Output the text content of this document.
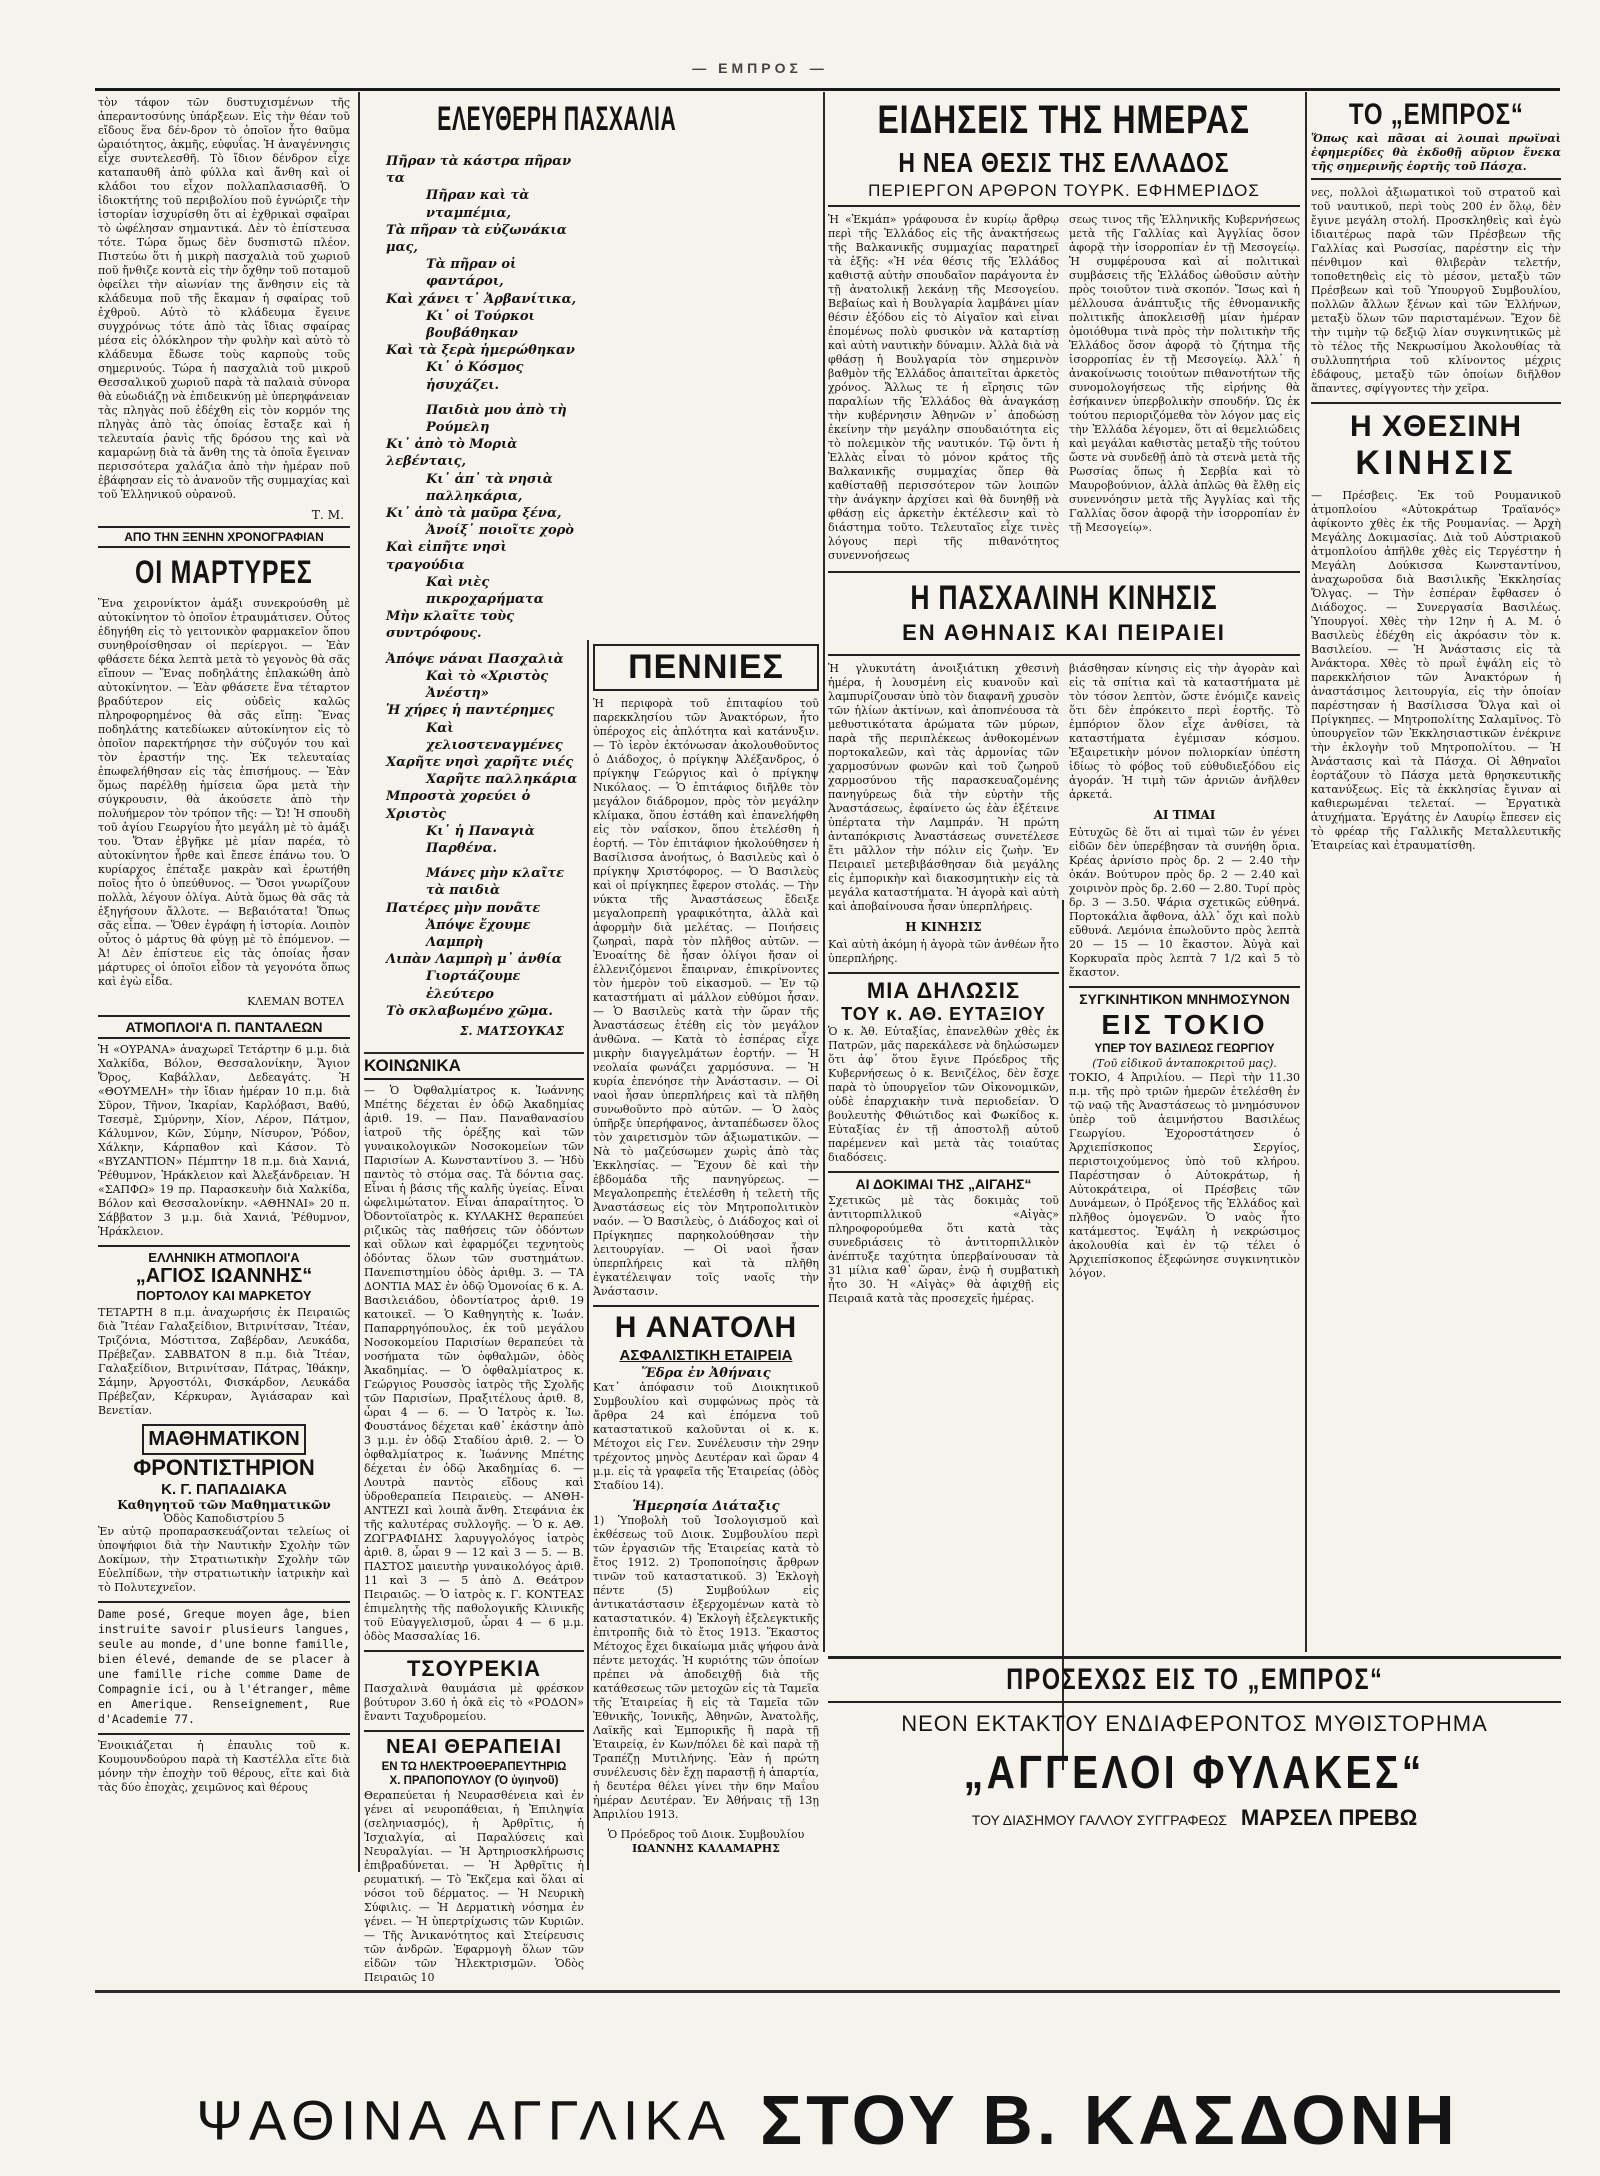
— ΕΜΠΡΟΣ —

τὸν τάφον τῶν δυστυχισμένων τῆς ἀπεραντοσύνης ὑπάρξεων. Εἰς τὴν θέαν τοῦ εἴδους ἕνα δέν-δρον τὸ ὁποῖον ἦτο θαῦμα ὡραιότητος, ἀκμῆς, εὐφυΐας. Ἡ ἀναγέννησις εἶχε συντελεσθῆ. Τὸ ἴδιον δένδρον εἶχε καταπαυθῆ ἀπὸ φύλλα καὶ ἄνθη καὶ οἱ κλάδοι του εἶχον πολλαπλασιασθῆ. Ὁ ἰδιοκτήτης τοῦ περιβολίου ποῦ ἐγνώριζε τὴν ἱστορίαν ἰσχυρίσθη ὅτι αἱ ἐχθρικαὶ σφαῖραι τὸ ὠφέλησαν σημαντικά. Δὲν τὸ ἐπίστευσα τότε. Τώρα ὅμως δὲν δυσπιστῶ πλέον. Πιστεύω ὅτι ἡ μικρὴ πασχαλιὰ τοῦ χωριοῦ ποῦ ἤνθιζε κοντὰ εἰς τὴν ὄχθην τοῦ ποταμοῦ ὀφείλει τὴν αἰωνίαν της ἄνθησιν εἰς τὰ κλάδευμα ποῦ τῆς ἔκαμαν ἡ σφαίρας τοῦ ἐχθροῦ. Αὐτὸ τὸ κλάδευμα ἔγεινε συγχρόνως τότε ἀπὸ τὰς ἴδιας σφαίρας μέσα εἰς ὁλόκληρον τὴν φυλὴν καὶ αὐτὸ τὸ κλάδευμα ἔδωσε τοὺς καρποὺς τοῦς σημερινούς. Τώρα ἡ πασχαλιὰ τοῦ μικροῦ Θεσσαλικοῦ χωριοῦ παρὰ τὰ παλαιὰ σύνορα θὰ εὐωδιάζῃ νὰ ἐπιδεικνύῃ μὲ ὑπερηφάνειαν τὰς πληγὰς ποῦ ἐδέχθη εἰς τὸν κορμόν της πληγὰς ἀπὸ τὰς ὁποίας ἔσταξε καὶ ἡ τελευταία ῥανὶς τῆς δρόσου της καὶ νὰ καμαρώνῃ διὰ τὰ ἄνθη της τὰ ὁποῖα ἔγειναν περισσότερα χαλάζια ἀπὸ τὴν ἡμέραν ποῦ ἐβάφησαν εἰς τὸ ἀνανοῦν τῆς συμμαχίας καὶ τοῦ Ἑλληνικοῦ οὐρανοῦ.

Τ. Μ.

ΑΠΟ ΤΗΝ ΞΕΝΗΝ ΧΡΟΝΟΓΡΑΦΙΑΝ
ΟΙ ΜΑΡΤΥΡΕΣ

Ἕνα χειρονίκτον ἀμάξι συνεκρούσθη μὲ αὐτοκίνητον τὸ ὁποῖον ἐτραυμάτισεν. Οὗτος ἐδηγήθη εἰς τὸ γειτονικὸν φαρμακεῖον ὅπου συνηθροίσθησαν οἱ περίεργοι. — Ἐὰν φθάσετε δέκα λεπτὰ μετὰ τὸ γεγονὸς θὰ σᾶς εἴπουν — Ἕνας ποδηλάτης ἐπλακώθη ἀπὸ αὐτοκίνητον. — Ἐὰν φθάσετε ἕνα τέταρτον βραδύτερον εἰς οὐδεὶς καλῶς πληροφορημένος θὰ σᾶς εἴπῃ: Ἕνας ποδηλάτης κατεδίωκεν αὐτοκίνητον εἰς τὸ ὁποῖον παρεκτήρησε τὴν σύζυγόν του καὶ τὸν ἐραστήν της. Ἐκ τελευταίας ἐπωφελήθησαν εἰς τὰς ἐπισήμους. — Ἐὰν ὅμως παρέλθῃ ἡμίσεια ὥρα μετὰ τὴν σύγκρουσιν, θὰ ἀκούσετε ἀπὸ τὴν πολυήμερον τὸν τρόπον τῆς: — Ὤ! Ἡ σπουδὴ τοῦ ἁγίου Γεωργίου ἦτο μεγάλη μὲ τὸ ἀμάξι του. Ὅταν ἐβγῆκε μὲ μίαν παρέα, τὸ αὐτοκίνητον ἦρθε καὶ ἔπεσε ἐπάνω του. Ὁ κυρίαρχος ἐπέταξε μακρὰν καὶ ἐρωτήθη ποῖος ἦτο ὁ ὑπεύθυνος. — Ὅσοι γνωρίζουν πολλὰ, λέγουν ὀλίγα. Αὐτὰ ὅμως θὰ σᾶς τὰ ἐξηγήσουν ἄλλοτε. — Βεβαιότατα! Ὅπως σᾶς εἶπα. — Ὅθεν ἐγράφη ἡ ἱστορία. Λοιπὸν οὗτος ὁ μάρτυς θὰ φύγῃ μὲ τὸ ἐπόμενον. — Ἀ! Δὲν ἐπίστευε εἰς τὰς ὁποίας ἦσαν μάρτυρες οἱ ὁποῖοι εἶδον τὰ γεγονότα ὅπως καὶ ἐγὼ εἶδα.

ΚΛΕΜΑΝ ΒΟΤΕΛ

ΑΤΜΟΠΛΟΙ'Α Π. ΠΑΝΤΑΛΕΩΝ

Ἡ «ΟΥΡΑΝΑ» ἀναχωρεῖ Τετάρτην 6 μ.μ. διὰ Χαλκίδα, Βόλον, Θεσσαλονίκην, Ἅγιον Ὄρος, Καβάλλαν, Δεδεαγάτς. Ἡ «ΘΟΥΜΕΛΗ» τὴν ἴδιαν ἡμέραν 10 π.μ. διὰ Σῦρον, Τῆνον, Ἰκαρίαν, Καρλόβασι, Βαθύ, Τσεσμὲ, Σμύρνην, Χίον, Λέρον, Πάτμον, Κάλυμνον, Κῶν, Σύμην, Νίσυρον, Ῥόδον, Χάλκην, Κάρπαθον καὶ Κάσον. Τὸ «ΒΥΖΑΝΤΙΟΝ» Πέμπτην 18 π.μ. διὰ Χανιά, Ῥέθυμνον, Ἡράκλειον καὶ Ἀλεξάνδρειαν. Ἡ «ΣΑΠΦΩ» 19 πρ. Παρασκευὴν διὰ Χαλκίδα, Βόλον καὶ Θεσσαλονίκην. «ΑΘΗΝΑΙ» 20 π. Σάββατον 3 μ.μ. διὰ Χανιά, Ῥέθυμνον, Ἡράκλειον.

ΕΛΛΗΝΙΚΗ ΑΤΜΟΠΛΟΙ'Α
„ΑΓΙΟΣ ΙΩΑΝΝΗΣ“
ΠΟΡΤΟΛΟΥ ΚΑΙ ΜΑΡΚΕΤΟΥ

ΤΕΤΑΡΤΗ 8 π.μ. ἀναχωρήσις ἐκ Πειραιῶς διὰ Ἴτέαν Γαλαξείδιον, Βιτρινίτσαν, Ἴτέαν, Τριζόνια, Μόστιτσα, Ζαβέρδαν, Λευκάδα, Πρέβεζαν. ΣΑΒΒΑΤΟΝ 8 π.μ. διὰ Ἴτέαν, Γαλαξείδιον, Βιτρινίτσαν, Πάτρας, Ἰθάκην, Σάμην, Ἀργοστόλι, Φισκάρδον, Λευκάδα Πρέβεζαν, Κέρκυραν, Ἀγιάσαραν καὶ Βενετίαν.

ΜΑΘΗΜΑΤΙΚΟΝ
ΦΡΟΝΤΙΣΤΗΡΙΟΝ
Κ. Γ. ΠΑΠΑΔΙΑΚΑ
Καθηγητοῦ τῶν Μαθηματικῶν
Ὁδὸς Καποδιστρίου 5

Ἐν αὐτῷ προπαρασκευάζονται τελείως οἱ ὑποψήφιοι διὰ τὴν Ναυτικὴν Σχολὴν τῶν Δοκίμων, τὴν Στρατιωτικὴν Σχολὴν τῶν Εὐελπίδων, τὴν στρατιωτικὴν ἰατρικὴν καὶ τὸ Πολυτεχνεῖον.

Dame posé, Greque moyen âge, bien instruite savoir plusieurs langues, seule au monde, d'une bonne famille, bien élevé, demande de se placer à une famille riche comme Dame de Compagnie ici, ou à l'étranger, même en Amerique. Renseignement, Rue d'Academie 77.

Ἐνοικιάζεται ἡ ἐπαυλις τοῦ κ. Κουμουνδούρου παρὰ τὴ Καστέλλα εἴτε διὰ μόνην τὴν ἐποχὴν τοῦ θέρους, εἴτε καὶ διὰ τὰς δύο ἐποχὰς, χειμῶνος καὶ θέρους

ΕΛΕΥΘΕΡΗ ΠΑΣΧΑΛΙΑ
Πῆραν τὰ κάστρα πῆραν τα
Πῆραν καὶ τὰ νταμπέμια,
Τὰ πῆραν τὰ εὐζωνάκια μας,
Τὰ πῆραν οἱ φαντάροι,
Καὶ χάνει τ᾽ Ἀρβανίτικα,
Κι᾽ οἱ Τούρκοι βουβάθηκαν
Καὶ τὰ ξερὰ ἡμερώθηκαν
Κι᾽ ὁ Κόσμος ἡσυχάζει.

Παιδιὰ μου ἀπὸ τὴ Ρούμελη
Κι᾽ ἀπὸ τὸ Μοριὰ λεβένταις,
Κι᾽ ἀπ᾽ τὰ νησιὰ παλληκάρια,
Κι᾽ ἀπὸ τὰ μαῦρα ξένα,
Ἀνοίξ᾽ ποιοῖτε χορὸ
Καὶ εἰπῆτε νησὶ τραγούδια
Καὶ νιὲς πικροχαρήματα
Μὴν κλαῖτε τοὺς συντρόφους.

Ἀπόψε νάναι Πασχαλιὰ
Καὶ τὸ «Χριστὸς Ἀνέστη»
Ἡ χήρες ἡ παντέρημες
Καὶ χελιοστεναγμένες
Χαρῆτε νησὶ χαρῆτε νιές
Χαρῆτε παλληκάρια
Μπροστὰ χορεύει ὁ Χριστὸς
Κι᾽ ἡ Παναγιὰ Παρθένα.

Μάνες μὴν κλαῖτε τὰ παιδιὰ
Πατέρες μὴν πονᾶτε
Ἀπόψε ἔχουμε Λαμπρὴ
Λιπὰν Λαμπρὴ μ᾽ ἀνθία
Γιορτάζουμε ἐλεύτερο
Τὸ σκλαβωμένο χῶμα.

Σ. ΜΑΤΣΟΥΚΑΣ

ΚΟΙΝΩΝΙΚΑ

— Ὁ Ὀφθαλμίατρος κ. Ἰωάννης Μπέτης δέχεται ἐν ὁδῷ Ἀκαδημίας ἀριθ. 19. — Παν. Παναθανασίου ἰατροῦ τῆς ὀρέξης καὶ τῶν γυναικολογικῶν Νοσοκομείων τῶν Παρισίων Α. Κωνσταντίνου 3. — Ἡδὺ παντὸς τὸ στόμα σας. Τὰ δόντια σας. Εἶναι ἡ βάσις τῆς καλῆς ὑγείας. Εἶναι ὠφελιμώτατον. Εἶναι ἀπαραίτητος. Ὁ Ὀδοντοϊατρὸς κ. ΚΥΛΑΚΗΣ θεραπεύει ριζικῶς τὰς παθήσεις τῶν ὀδόντων καὶ οὔλων καὶ ἐφαρμόζει τεχνητοὺς ὀδόντας ὅλων τῶν συστημάτων. Πανεπιστημίου ὁδὸς ἀριθμ. 3. — ΤΑ ΔΟΝΤΙΑ ΜΑΣ ἐν ὁδῷ Ὁμονοίας 6 κ. Α. Βασιλειάδου, ὁδοντίατρος ἀριθ. 19 κατοικεῖ. — Ὁ Καθηγητὴς κ. Ἰωάν. Παπαρρηγόπουλος, ἐκ τοῦ μεγάλου Νοσοκομείου Παρισίων θεραπεύει τὰ νοσήματα τῶν ὀφθαλμῶν, ὀδὸς Ἀκαδημίας. — Ὁ ὀφθαλμίατρος κ. Γεώργιος Ρουσσὸς ἰατρὸς τῆς Σχολῆς τῶν Παρισίων, Πραξιτέλους ἀριθ. 8, ὧραι 4 — 6. — Ὁ Ἰατρὸς κ. Ἰω. Φουστάνος δέχεται καθ᾽ ἑκάστην ἀπὸ 3 μ.μ. ἐν ὁδῷ Σταδίου ἀριθ. 2. — Ὁ ὀφθαλμίατρος κ. Ἰωάννης Μπέτης δέχεται ἐν ὁδῷ Ἀκαδημίας 6. — Λουτρὰ παντὸς εἴδους καὶ ὑδροθεραπεία Πειραιεὺς. — ΑΝΘΗ-ΑΝΤΕΖΙ καὶ λοιπὰ ἄνθη. Στεφάνια ἐκ τῆς καλυτέρας συλλογῆς. — Ὁ κ. ΑΘ. ΖΩΓΡΑΦΙΔΗΣ λαρυγγολόγος ἰατρὸς ἀριθ. 8, ὧραι 9 — 12 καὶ 3 — 5. — Β. ΠΑΣΤΟΣ μαιευτὴρ γυναικολόγος ἀριθ. 11 καὶ 3 — 5 ἀπὸ Δ. Θεάτρον Πειραιῶς. — Ὁ ἰατρὸς κ. Γ. ΚΟΝΤΕΑΣ ἐπιμελητὴς τῆς παθολογικῆς Κλινικῆς τοῦ Εὐαγγελισμοῦ, ὧραι 4 — 6 μ.μ. ὁδὸς Μασσαλίας 16.

ΤΣΟΥΡΕΚΙΑ

Πασχαλινὰ θαυμάσια μὲ φρέσκον βούτυρον 3.60 ἡ ὀκᾶ εἰς τὸ «ΡΟΔΟΝ» ἔναντι Ταχυδρομείου.

ΝΕΑΙ ΘΕΡΑΠΕΙΑΙ
ΕΝ ΤΩ ΗΛΕΚΤΡΟΘΕΡΑΠΕΥΤΗΡΙΩ
Χ. ΠΡΑΠΟΠΟΥΛΟΥ (Ὁ ὑγιηνοῦ)

Θεραπεύεται ἡ Νευρασθένεια καὶ ἐν γένει αἱ νευροπάθειαι, ἡ Ἐπιληψία (σεληνιασμός), ἡ Ἀρθρῖτις, ἡ Ἰσχιαλγία, αἱ Παραλύσεις καὶ Νευραλγίαι. — Ἡ Ἀρτηριοσκλήρωσις ἐπιβραδύνεται. — Ἡ Ἀρθρῖτις ἡ ρευματική. — Τὸ Ἔκζεμα καὶ ὅλαι αἱ νόσοι τοῦ δέρματος. — Ἡ Νευρικὴ Σύφιλις. — Ἡ Δερματικὴ νόσημα ἐν γένει. — Ἡ ὑπερτρίχωσις τῶν Κυριῶν. — Τῆς Ἀνικανότητος καὶ Στείρευσις τῶν ἀνδρῶν. Ἐφαρμογὴ ὅλων τῶν εἰδῶν τῶν Ἠλεκτρισμῶν. Ὁδὸς Πειραιῶς 10

ΠΕΝΝΙΕΣ

Ἡ περιφορὰ τοῦ ἐπιταφίου τοῦ παρεκκλησίου τῶν Ἀνακτόρων, ἦτο ὑπέροχος εἰς ἁπλότητα καὶ κατάνυξιν. — Τὸ ἱερὸν ἐκτόνωσαν ἀκολουθοῦντος ὁ Διάδοχος, ὁ πρίγκηψ Ἀλέξανδρος, ὁ πρίγκηψ Γεώργιος καὶ ὁ πρίγκηψ Νικόλαος. — Ὁ ἐπιτάφιος διῆλθε τὸν μεγάλον διάδρομον, πρὸς τὸν μεγάλην κλίμακα, ὅπου ἐστάθη καὶ ἐπανελήφθη εἰς τὸν ναΐσκον, ὅπου ἐτελέσθη ἡ ἑορτή. — Τὸν ἐπιτάφιον ἠκολούθησεν ἡ Βασίλισσα ἀνοήτως, ὁ Βασιλεὺς καὶ ὁ πρίγκηψ Χριστόφορος. — Ὁ Βασιλεὺς καὶ οἱ πρίγκηπες ἔφερον στολάς. — Τὴν νύκτα τῆς Ἀναστάσεως ἔδειξε μεγαλοπρεπὴ γραφικότητα, ἀλλὰ καὶ ἀφορμὴν διὰ μελέτας. — Ποιήσεις ζωηραὶ, παρὰ τὸν πλῆθος αὐτῶν. — Ἐνοαίτης δὲ ἦσαν ὀλίγοι ἤσαν οἱ ἐλλενιζόμενοι ἔπαιρναν, ἐπικρίνοντες τὸν ἡμερὸν τοῦ εἰκασμοῦ. — Ἐν τῷ καταστήματι αἱ μάλλον εὐθύμοι ἦσαν. — Ὁ Βασιλεὺς κατὰ τὴν ὥραν τῆς Ἀναστάσεως ἐτέθη εἰς τὸν μεγάλον ἀνθῶνα. — Κατὰ τὸ ἑσπέρας εἶχε μικρὴν διαγγελμάτων ἑορτήν. — Ἡ νεολαία φωνάζει χαρμόσυνα. — Ἡ κυρία ἐπενόησε τὴν Ἀνάστασιν. — Οἱ ναοὶ ἦσαν ὑπερπλήρεις καὶ τὰ πλῆθη συνωθοῦντο πρὸ αὐτῶν. — Ὁ λαὸς ὑπῆρξε ὑπερήφανος, ἀνταπέδωσεν ὅλος τὸν χαιρετισμὸν τῶν ἀξιωματικῶν. — Νὰ τὸ μαζεύσωμεν χωρὶς ἀπὸ τὰς Ἐκκλησίας. — Ἕχουν δὲ καὶ τὴν ἐβδομάδα τῆς πανηγύρεως. — Μεγαλοπρεπὴς ἐτελέσθη ἡ τελετὴ τῆς Ἀναστάσεως εἰς τὸν Μητροπολιτικὸν ναόν. — Ὁ Βασιλεὺς, ὁ Διάδοχος καὶ οἱ Πρίγκηπες παρηκολούθησαν τὴν λειτουργίαν. — Οἱ ναοὶ ἦσαν ὑπερπλήρεις καὶ τὰ πλῆθη ἐγκατέλειψαν τοῖς ναοῖς τὴν Ἀνάστασιν.

Η ΑΝΑΤΟΛΗ
ΑΣΦΑΛΙΣΤΙΚΗ ΕΤΑΙΡΕΙΑ
Ἕδρα ἐν Ἀθήναις

Κατ᾽ ἀπόφασιν τοῦ Διοικητικοῦ Συμβουλίου καὶ συμφώνως πρὸς τὰ ἄρθρα 24 καὶ ἑπόμενα τοῦ καταστατικοῦ καλοῦνται οἱ κ. κ. Μέτοχοι εἰς Γεν. Συνέλευσιν τὴν 29ην τρέχοντος μηνὸς Δευτέραν καὶ ὥραν 4 μ.μ. εἰς τὰ γραφεῖα τῆς Ἑταιρείας (ὁδὸς Σταδίου 14).

Ἡμερησία Διάταξις

1) Ὑποβολὴ τοῦ Ἰσολογισμοῦ καὶ ἐκθέσεως τοῦ Διοικ. Συμβουλίου περὶ τῶν ἐργασιῶν τῆς Ἑταιρείας κατὰ τὸ ἔτος 1912. 2) Τροποποίησις ἄρθρων τινῶν τοῦ καταστατικοῦ. 3) Ἐκλογὴ πέντε (5) Συμβούλων εἰς ἀντικατάστασιν ἐξερχομένων κατὰ τὸ καταστατικόν. 4) Ἐκλογὴ ἐξελεγκτικῆς ἐπιτροπῆς διὰ τὸ ἔτος 1913. Ἕκαστος Μέτοχος ἔχει δικαίωμα μιᾶς ψήφου ἀνὰ πέντε μετοχάς. Ἡ κυριότης τῶν ὁποίων πρέπει νὰ ἀποδειχθῇ διὰ τῆς κατάθεσεως τῶν μετοχῶν εἰς τὰ Ταμεῖα τῆς Ἑταιρείας ἢ εἰς τὰ Ταμεῖα τῶν Ἐθνικῆς, Ἰονικῆς, Ἀθηνῶν, Ἀνατολῆς, Λαϊκῆς καὶ Ἐμπορικῆς ἢ παρὰ τῇ Ἑταιρείᾳ, ἐν Κων/πόλει δὲ καὶ παρὰ τῇ Τραπέζῃ Μυτιλήνης. Ἐὰν ἡ πρώτη συνέλευσις δὲν ἔχῃ παραστῇ ἡ ἀπαρτία, ἡ δευτέρα θέλει γίνει τὴν 6ην Μαΐου ἡμέραν Δευτέραν. Ἐν Ἀθήναις τῇ 13ῃ Ἀπριλίου 1913.

Ὁ Πρόεδρος τοῦ Διοικ. Συμβουλίου
ΙΩΑΝΝΗΣ ΚΑΛΑΜΑΡΗΣ
ΕΙΔΗΣΕΙΣ ΤΗΣ ΗΜΕΡΑΣ
Η ΝΕΑ ΘΕΣΙΣ ΤΗΣ ΕΛΛΑΔΟΣ
ΠΕΡΙΕΡΓΟΝ ΑΡΘΡΟΝ ΤΟΥΡΚ. ΕΦΗΜΕΡΙΔΟΣ

Ἡ «Ἐκμάπ» γράφουσα ἐν κυρίῳ ἄρθρῳ περὶ τῆς Ἑλλάδος εἰς τῆς ἀνακτήσεως τῆς Βαλκανικῆς συμμαχίας παρατηρεῖ τὰ ἑξῆς: «Ἡ νέα θέσις τῆς Ἑλλάδος καθιστᾷ αὐτὴν σπουδαῖον παράγοντα ἐν τῇ ἀνατολικῇ λεκάνῃ τῆς Μεσογείου. Βεβαίως καὶ ἡ Βουλγαρία λαμβάνει μίαν θέσιν ἐξόδου εἰς τὸ Αἰγαῖον καὶ εἶναι ἐπομένως πολὺ φυσικὸν νὰ καταρτίσῃ καὶ αὐτὴ ναυτικὴν δύναμιν. Ἀλλὰ διὰ νὰ φθάσῃ ἡ Βουλγαρία τὸν σημερινὸν βαθμὸν τῆς Ἑλλάδος ἀπαιτεῖται ἀρκετὸς χρόνος. Ἄλλως τε ἡ εἴρησις τῶν παραλίων τῆς Ἑλλάδος θὰ ἀναγκάσῃ τὴν κυβέρνησιν Ἀθηνῶν ν᾽ ἀποδώσῃ ἐκείνην τὴν μεγάλην σπουδαιότητα εἰς τὸ πολεμικὸν τῆς ναυτικόν. Τῷ ὄντι ἡ Ἑλλὰς εἶναι τὸ μόνον κράτος τῆς Βαλκανικῆς συμμαχίας ὅπερ θὰ καθίσταθῇ περισσότερον τῶν λοιπῶν τὴν ἀνάγκην ἀρχίσει καὶ θὰ δυνηθῇ νὰ φθάσῃ εἰς ἀρκετὴν ἐκτέλεσιν καὶ τὸ διάστημα τοῦτο. Τελευταῖος εἶχε τινὲς λόγους περὶ τῆς πιθανότητος συνεννοήσεως

σεως τινος τῆς Ἑλληνικῆς Κυβερνήσεως μετὰ τῆς Γαλλίας καὶ Ἀγγλίας ὅσον ἀφορᾷ τὴν ἰσορροπίαν ἐν τῇ Μεσογείῳ. Ἡ συμφέρουσα καὶ αἱ πολιτικαὶ συμβάσεις τῆς Ἑλλάδος ὠθοῦσιν αὐτὴν πρὸς τοιοῦτον τινὰ σκοπόν. Ἴσως καὶ ἡ μέλλουσα ἀνάπτυξις τῆς ἐθνομανικῆς πολιτικῆς ἀποκλεισθῇ μίαν ἡμέραν ὁμοιόθυμα τινὰ πρὸς τὴν πολιτικὴν τῆς Ἑλλάδος ὅσον ἀφορᾷ τὸ ζήτημα τῆς ἰσορροπίας ἐν τῇ Μεσογείῳ. Ἀλλ᾽ ἡ ἀνακοίνωσις τοιούτων πιθανοτήτων τῆς συνομολογήσεως τῆς εἰρήνης θὰ ἐσήκαινεν ὑπερβολικὴν σπουδήν. Ὡς ἐκ τούτου περιοριζόμεθα τὸν λόγον μας εἰς τὴν Ἑλλάδα λέγομεν, ὅτι αἱ θεμελιώδεις καὶ μεγάλαι καθιστὰς μεταξὺ τῆς τούτου ὥστε νὰ συνδεθῇ ἀπὸ τὰ στενὰ μετὰ τῆς Ρωσσίας ὅπως ἡ Σερβία καὶ τὸ Μαυροβούνιον, ἁλλὰ ἁπλῶς θὰ ἔλθῃ εἰς συνεννόησιν μετὰ τῆς Ἀγγλίας καὶ τῆς Γαλλίας ὅσον ἀφορᾷ τὴν ἰσορροπίαν ἐν τῇ Μεσογείῳ».

Η ΠΑΣΧΑΛΙΝΗ ΚΙΝΗΣΙΣ
ΕΝ ΑΘΗΝΑΙΣ ΚΑΙ ΠΕΙΡΑΙΕΙ

Ἡ γλυκυτάτη ἀνοιξιάτικη χθεσινὴ ἡμέρα, ἡ λουσμένη εἰς κυανοῦν καὶ λαμπυρίζουσαν ὑπὸ τὸν διαφανῆ χρυσὸν τῶν ἡλίων ἀκτίνων, καὶ ἀποπνέουσα τὰ μεθυστικότατα ἀρώματα τῶν μύρων, παρὰ τῆς περιπλέκεως ἀνθοκομένων πορτοκαλεῶν, καὶ τὰς ἀρμονίας τῶν χαρμοσύνων φωνῶν καὶ τοῦ ζωηροῦ χαρμοσύνου τῆς παρασκευαζομένης πανηγύρεως διὰ τὴν εὐρτὴν τῆς Ἀναστάσεως, ἐφαίνετο ὡς ἐὰν ἐξέτεινε ὑπέρτατα τὴν Λαμπράν. Ἡ πρώτη ἀνταπόκρισις Ἀναστάσεως συνετέλεσε ἔτι μᾶλλον τὴν πόλιν εἰς ζωὴν. Ἐν Πειραιεῖ μετεβιβάσθησαν διὰ μεγάλης εἰς ἐμπορικὴν καὶ διακοσμητικὴν εἰς τὰ μεγάλα καταστήματα. Ἡ ἀγορὰ καὶ αὐτὴ καὶ ἀποβαίνουσα ἦσαν ὑπερπλήρεις.

Η ΚΙΝΗΣΙΣ

Καὶ αὐτὴ ἀκόμη ἡ ἀγορὰ τῶν ἀνθέων ἦτο ὑπερπλήρης.

ΜΙΑ ΔΗΛΩΣΙΣ
ΤΟΥ κ. ΑΘ. ΕΥΤΑΞΙΟΥ

Ὁ κ. Ἀθ. Εὐταξίας, ἐπανελθὼν χθὲς ἐκ Πατρῶν, μᾶς παρεκάλεσε νὰ δηλώσωμεν ὅτι ἀφ᾽ ὅτου ἔγινε Πρόεδρος τῆς Κυβερνήσεως ὁ κ. Βενιζέλος, δὲν ἔσχε παρὰ τὸ ὑπουργεῖον τῶν Οἰκονομικῶν, οὐδὲ ἐπαρχιακὴν τινὰ περιοδείαν. Ὁ βουλευτὴς Φθιώτιδος καὶ Φωκίδος κ. Εὐταξίας ἐν τῇ ἀποστολῇ αὐτοῦ παρέμενεν καὶ μετὰ τὰς τοιαύτας διαδόσεις.

ΑΙ ΔΟΚΙΜΑΙ ΤΗΣ „ΑΙΓΑΗΣ“

Σχετικῶς μὲ τὰς δοκιμὰς τοῦ ἀντιτορπιλλικοῦ «Αἰγὰς» πληροφορούμεθα ὅτι κατὰ τὰς συνεδριάσεις τὸ ἀντιτορπιλλικὸν ἀνέπτυξε ταχύτητα ὑπερβαίνουσαν τὰ 31 μίλια καθ᾽ ὥραν, ἐνῷ ἡ συμβατικὴ ἦτο 30. Ἡ «Αἰγὰς» θὰ ἀφιχθῇ εἰς Πειραιᾶ κατὰ τὰς προσεχεῖς ἡμέρας.

βιάσθησαν κίνησις εἰς τὴν ἀγορὰν καὶ εἰς τὰ σπίτια καὶ τὰ καταστήματα μὲ τὸν τόσον λεπτὸν, ὥστε ἐνόμιζε κανεὶς ὅτι δὲν ἐπρόκειτο περὶ ἑορτῆς. Τὸ ἐμπόριον ὅλον εἶχε ἀνθίσει, τὰ καταστήματα ἐγέμισαν κόσμου. Ἐξαιρετικὴν μόνον πολιορκίαν ὑπέστη ἰδίως τὸ φόβος τοῦ εὐθυδιεξόδου εἰς ἀγοράν. Ἡ τιμὴ τῶν ἀρνιῶν ἀνῆλθεν ἀρκετά.

ΑΙ ΤΙΜΑΙ

Εὐτυχῶς δὲ ὅτι αἱ τιμαὶ τῶν ἐν γένει εἰδῶν δὲν ὑπερέβησαν τὰ συνήθη ὅρια. Κρέας ἀρνίσιο πρὸς δρ. 2 — 2.40 τὴν ὀκάν. Βούτυρον πρὸς δρ. 2 — 2.40 καὶ χοιρινὸν πρὸς δρ. 2.60 — 2.80. Τυρί πρὸς δρ. 3 — 3.50. Ψάρια σχετικῶς εὐθηνά. Πορτοκάλια ἄφθονα, ἀλλ᾽ ὄχι καὶ πολὺ εὔθυνά. Λεμόνια ἐπωλοῦντο πρὸς λεπτὰ 20 — 15 — 10 ἕκαστον. Ἀὐγὰ καὶ Κορκυραῖα πρὸς λεπτὰ 7 1/2 καὶ 5 τὸ ἕκαστον.

ΣΥΓΚΙΝΗΤΙΚΟΝ ΜΝΗΜΟΣΥΝΟΝ
ΕΙΣ ΤΟΚΙΟ
ΥΠΕΡ ΤΟΥ ΒΑΣΙΛΕΩΣ ΓΕΩΡΓΙΟΥ
(Τοῦ εἰδικοῦ ἀνταποκριτοῦ μας).

ΤΟΚΙΟ, 4 Ἀπριλίου. — Περὶ τὴν 11.30 π.μ. τῆς πρὸ τριῶν ἡμερῶν ἐτελέσθη ἐν τῷ ναῷ τῆς Ἀναστάσεως τὸ μνημόσυνον ὑπὲρ τοῦ ἀειμνήστου Βασιλέως Γεωργίου. Ἐχοροστάτησεν ὁ Ἀρχιεπίσκοπος Σεργίος, περιστοιχούμενος ὑπὸ τοῦ κλήρου. Παρέστησαν ὁ Αὐτοκράτωρ, ἡ Αὐτοκράτειρα, οἱ Πρέσβεις τῶν Δυνάμεων, ὁ Πρόξενος τῆς Ἑλλάδος καὶ πλῆθος ὁμογενῶν. Ὁ ναὸς ἦτο κατάμεστος. Ἐψάλη ἡ νεκρώσιμος ἀκολουθία καὶ ἐν τῷ τέλει ὁ Ἀρχιεπίσκοπος ἐξεφώνησε συγκινητικὸν λόγον.

ΤΟ „ΕΜΠΡΟΣ“

Ὅπως καὶ πᾶσαι αἱ λοιπαὶ πρωϊναὶ ἐφημερίδες θὰ ἐκδοθῇ αὔριον ἕνεκα τῆς σημερινῆς ἑορτῆς τοῦ Πάσχα.

νες, πολλοὶ ἀξιωματικοὶ τοῦ στρατοῦ καὶ τοῦ ναυτικοῦ, περὶ τοὺς 200 ἐν ὅλῳ, δὲν ἔγινε μεγάλη στολή. Προσκληθεὶς καὶ ἐγὼ ἰδιαιτέρως παρὰ τῶν Πρέσβεων τῆς Γαλλίας καὶ Ρωσσίας, παρέστην εἰς τὴν πένθιμον καὶ θλιβερὰν τελετήν, τοποθετηθεὶς εἰς τὸ μέσον, μεταξὺ τῶν Πρέσβεων καὶ τοῦ Ὑπουργοῦ Συμβουλίου, πολλῶν ἄλλων ξένων καὶ τῶν Ἑλλήνων, μεταξὺ ὅλων τῶν παρισταμένων. Ἔχον δὲ τὴν τιμὴν τῷ δεξιῷ λίαν συγκινητικῶς μὲ τὸ τέλος τῆς Νεκρωσίμου Ἀκολουθίας τὰ συλλυπητήρια τοῦ κλίνοντος μέχρις ἐδάφους, μεταξὺ τῶν ὁποίων διῆλθον ἅπαντες, σφίγγοντες τὴν χεῖρα.

Η ΧΘΕΣΙΝΗ
ΚΙΝΗΣΙΣ

— Πρέσβεις. Ἐκ τοῦ Ρουμανικοῦ ἀτμοπλοίου «Αὐτοκράτωρ Τραϊανός» ἀφίκοντο χθὲς ἐκ τῆς Ρουμανίας. — Ἀρχὴ Μεγάλης Δοκιμασίας. Διὰ τοῦ Αὐστριακοῦ ἀτμοπλοίου ἀπῆλθε χθὲς εἰς Τεργέστην ἡ Μεγάλη Δούκισσα Κωνσταντίνου, ἀναχωροῦσα διὰ Βασιλικῆς Ἐκκλησίας Ὄλγας. — Τὴν ἑσπέραν ἔφθασεν ὁ Διάδοχος. — Συνεργασία Βασιλέως. Ὑπουργοί. Χθὲς τὴν 12ην ἡ Α. Μ. ὁ Βασιλεὺς ἐδέχθη εἰς ἀκρόασιν τὸν κ. Βασιλείου. — Ἡ Ἀνάστασις εἰς τὰ Ἀνάκτορα. Χθὲς τὸ πρωῒ ἐψάλη εἰς τὸ παρεκκλήσιον τῶν Ἀνακτόρων ἡ ἀναστάσιμος λειτουργία, εἰς τὴν ὁποίαν παρέστησαν ἡ Βασίλισσα Ὄλγα καὶ οἱ Πρίγκηπες. — Μητροπολίτης Σαλαμῖνος. Τὸ ὑπουργεῖον τῶν Ἐκκλησιαστικῶν ἐνέκρινε τὴν ἐκλογὴν τοῦ Μητροπολίτου. — Ἡ Ἀνάστασις καὶ τὰ Πάσχα. Οἱ Ἀθηναῖοι ἑορτάζουν τὸ Πάσχα μετὰ θρησκευτικῆς κατανύξεως. Εἰς τὰ ἐκκλησίας ἔγιναν αἱ καθιερωμέναι τελεταί. — Ἐργατικὰ ἀτυχήματα. Ἐργάτης ἐν Λαυρίῳ ἔπεσεν εἰς τὸ φρέαρ τῆς Γαλλικῆς Μεταλλευτικῆς Ἑταιρείας καὶ ἐτραυματίσθη.

ΠΡΟΣΕΧΩΣ ΕΙΣ ΤΟ „ΕΜΠΡΟΣ“
ΝΕΟΝ ΕΚΤΑΚΤΟΥ ΕΝΔΙΑΦΕΡΟΝΤΟΣ ΜΥΘΙΣΤΟΡΗΜΑ
„ΑΓΓΕΛΟΙ ΦΥΛΑΚΕΣ“
ΤΟΥ ΔΙΑΣΗΜΟΥ ΓΑΛΛΟΥ ΣΥΓΓΡΑΦΕΩΣ ΜΑΡΣΕΛ ΠΡΕΒΩ
ΨΑΘΙΝΑ ΑΓΓΛΙΚΑ ΣΤΟΥ Β. ΚΑΣΔΟΝΗ
